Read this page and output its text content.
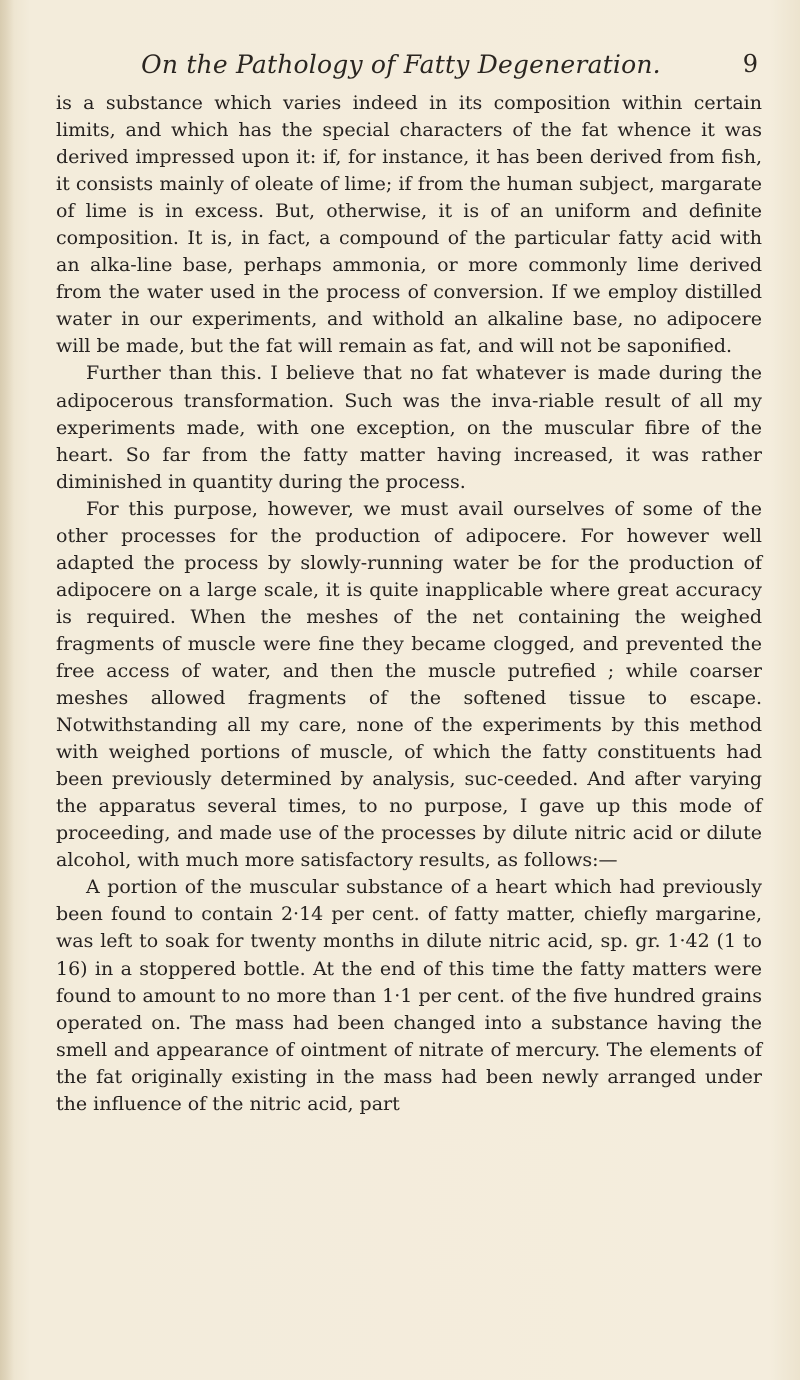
On the Pathology of Fatty Degeneration.	9

is a substance which varies indeed in its composition within certain limits, and which has the special characters of the fat whence it was derived impressed upon it: if, for instance, it has been derived from fish, it consists mainly of oleate of lime; if from the human subject, margarate of lime is in excess. But, otherwise, it is of an uniform and definite composition. It is, in fact, a compound of the particular fatty acid with an alka-line base, perhaps ammonia, or more commonly lime derived from the water used in the process of conversion. If we employ distilled water in our experiments, and withold an alkaline base, no adipocere will be made, but the fat will remain as fat, and will not be saponified.

Further than this. I believe that no fat whatever is made during the adipocerous transformation. Such was the inva-riable result of all my experiments made, with one exception, on the muscular fibre of the heart. So far from the fatty matter having increased, it was rather diminished in quantity during the process.

For this purpose, however, we must avail ourselves of some of the other processes for the production of adipocere. For however well adapted the process by slowly-running water be for the production of adipocere on a large scale, it is quite inapplicable where great accuracy is required. When the meshes of the net containing the weighed fragments of muscle were fine they became clogged, and prevented the free access of water, and then the muscle putrefied ; while coarser meshes allowed fragments of the softened tissue to escape. Notwithstanding all my care, none of the experiments by this method with weighed portions of muscle, of which the fatty constituents had been previously determined by analysis, suc-ceeded. And after varying the apparatus several times, to no purpose, I gave up this mode of proceeding, and made use of the processes by dilute nitric acid or dilute alcohol, with much more satisfactory results, as follows:—

A portion of the muscular substance of a heart which had previously been found to contain 2·14 per cent. of fatty matter, chiefly margarine, was left to soak for twenty months in dilute nitric acid, sp. gr. 1·42 (1 to 16) in a stoppered bottle. At the end of this time the fatty matters were found to amount to no more than 1·1 per cent. of the five hundred grains operated on. The mass had been changed into a substance having the smell and appearance of ointment of nitrate of mercury. The elements of the fat originally existing in the mass had been newly arranged under the influence of the nitric acid, part
